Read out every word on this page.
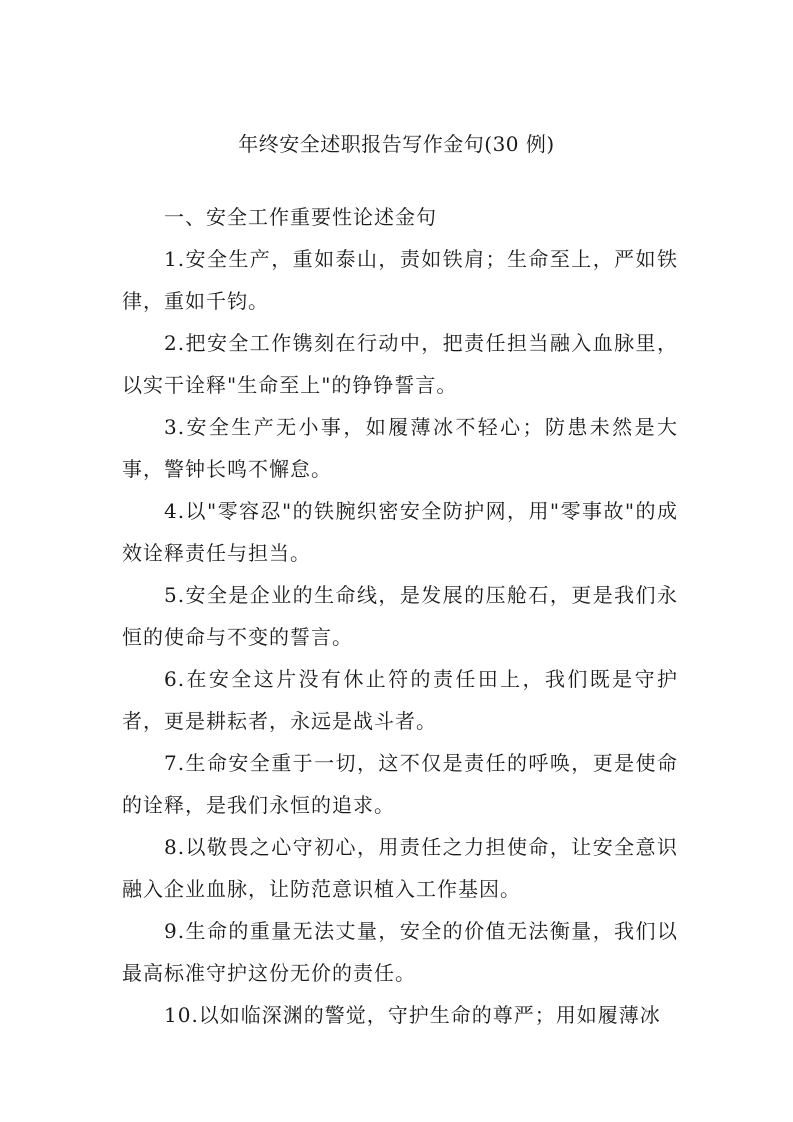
年终安全述职报告写作金句(30 例)

一、安全工作重要性论述金句

1.安全生产，重如泰山，责如铁肩；生命至上，严如铁律，重如千钧。

2.把安全工作镌刻在行动中，把责任担当融入血脉里，以实干诠释"生命至上"的铮铮誓言。

3.安全生产无小事，如履薄冰不轻心；防患未然是大事，警钟长鸣不懈怠。

4.以"零容忍"的铁腕织密安全防护网，用"零事故"的成效诠释责任与担当。

5.安全是企业的生命线，是发展的压舱石，更是我们永恒的使命与不变的誓言。

6.在安全这片没有休止符的责任田上，我们既是守护者，更是耕耘者，永远是战斗者。

7.生命安全重于一切，这不仅是责任的呼唤，更是使命的诠释，是我们永恒的追求。

8.以敬畏之心守初心，用责任之力担使命，让安全意识融入企业血脉，让防范意识植入工作基因。

9.生命的重量无法丈量，安全的价值无法衡量，我们以最高标准守护这份无价的责任。

10.以如临深渊的警觉，守护生命的尊严；用如履薄冰
